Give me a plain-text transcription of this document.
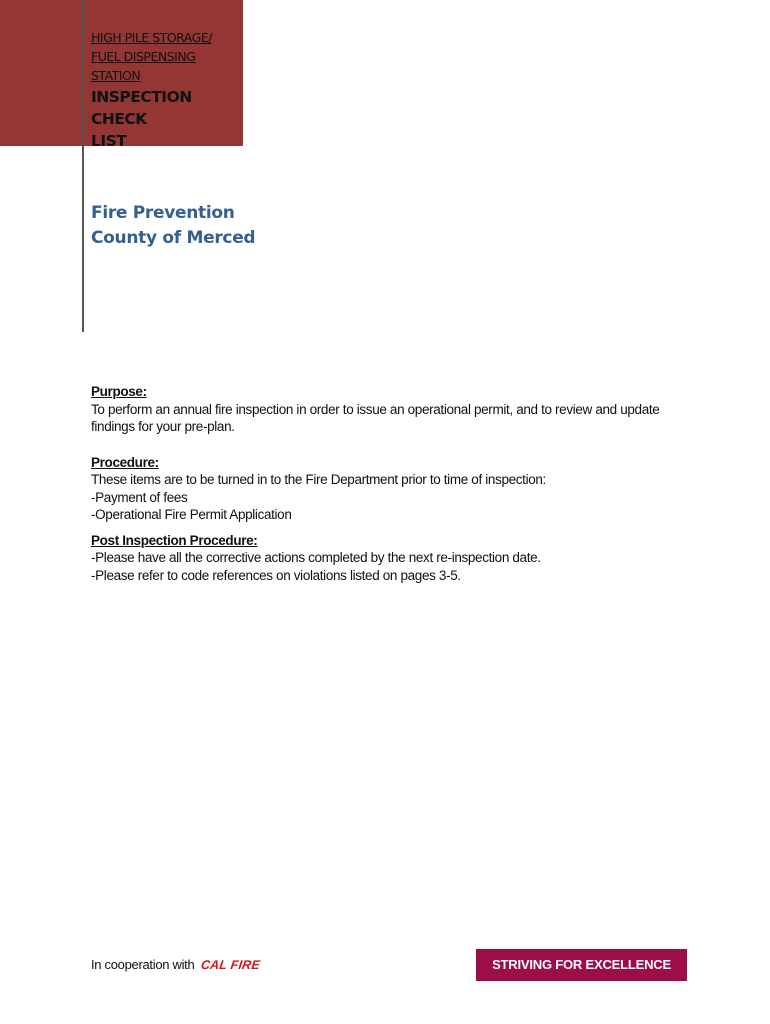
HIGH PILE STORAGE/
FUEL DISPENSING
STATION
INSPECTION CHECK
LIST
Fire Prevention
County of Merced
Purpose:
To perform an annual fire inspection in order to issue an operational permit, and to review and update findings for your pre-plan.
Procedure:
These items are to be turned in to the Fire Department prior to time of inspection:
-Payment of fees
-Operational Fire Permit Application
Post Inspection Procedure:
-Please have all the corrective actions completed by the next re-inspection date.
-Please refer to code references on violations listed on pages 3-5.
In cooperation with CAL FIRE	STRIVING FOR EXCELLENCE
